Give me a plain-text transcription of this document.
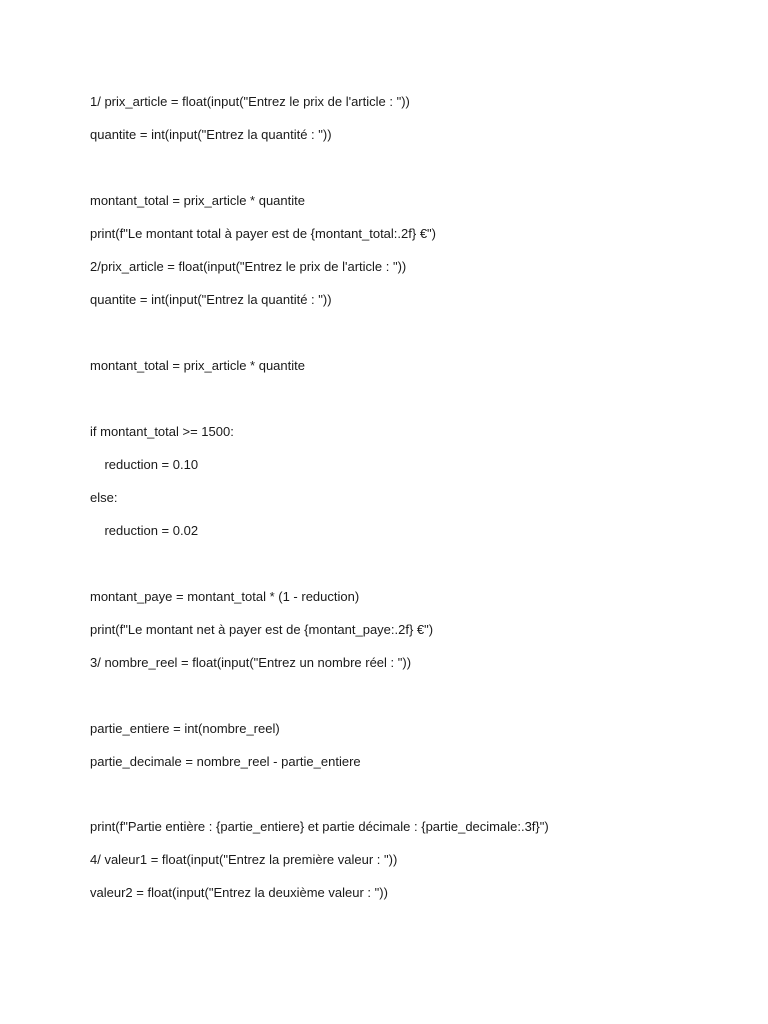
1/ prix_article = float(input("Entrez le prix de l'article : "))

quantite = int(input("Entrez la quantité : "))

montant_total = prix_article * quantite

print(f"Le montant total à payer est de {montant_total:.2f} €")

2/prix_article = float(input("Entrez le prix de l'article : "))

quantite = int(input("Entrez la quantité : "))

montant_total = prix_article * quantite

if montant_total >= 1500:

reduction = 0.10

else:

reduction = 0.02

montant_paye = montant_total * (1 - reduction)

print(f"Le montant net à payer est de {montant_paye:.2f} €")

3/ nombre_reel = float(input("Entrez un nombre réel : "))

partie_entiere = int(nombre_reel)

partie_decimale = nombre_reel - partie_entiere

print(f"Partie entière : {partie_entiere} et partie décimale : {partie_decimale:.3f}")

4/ valeur1 = float(input("Entrez la première valeur : "))

valeur2 = float(input("Entrez la deuxième valeur : "))
